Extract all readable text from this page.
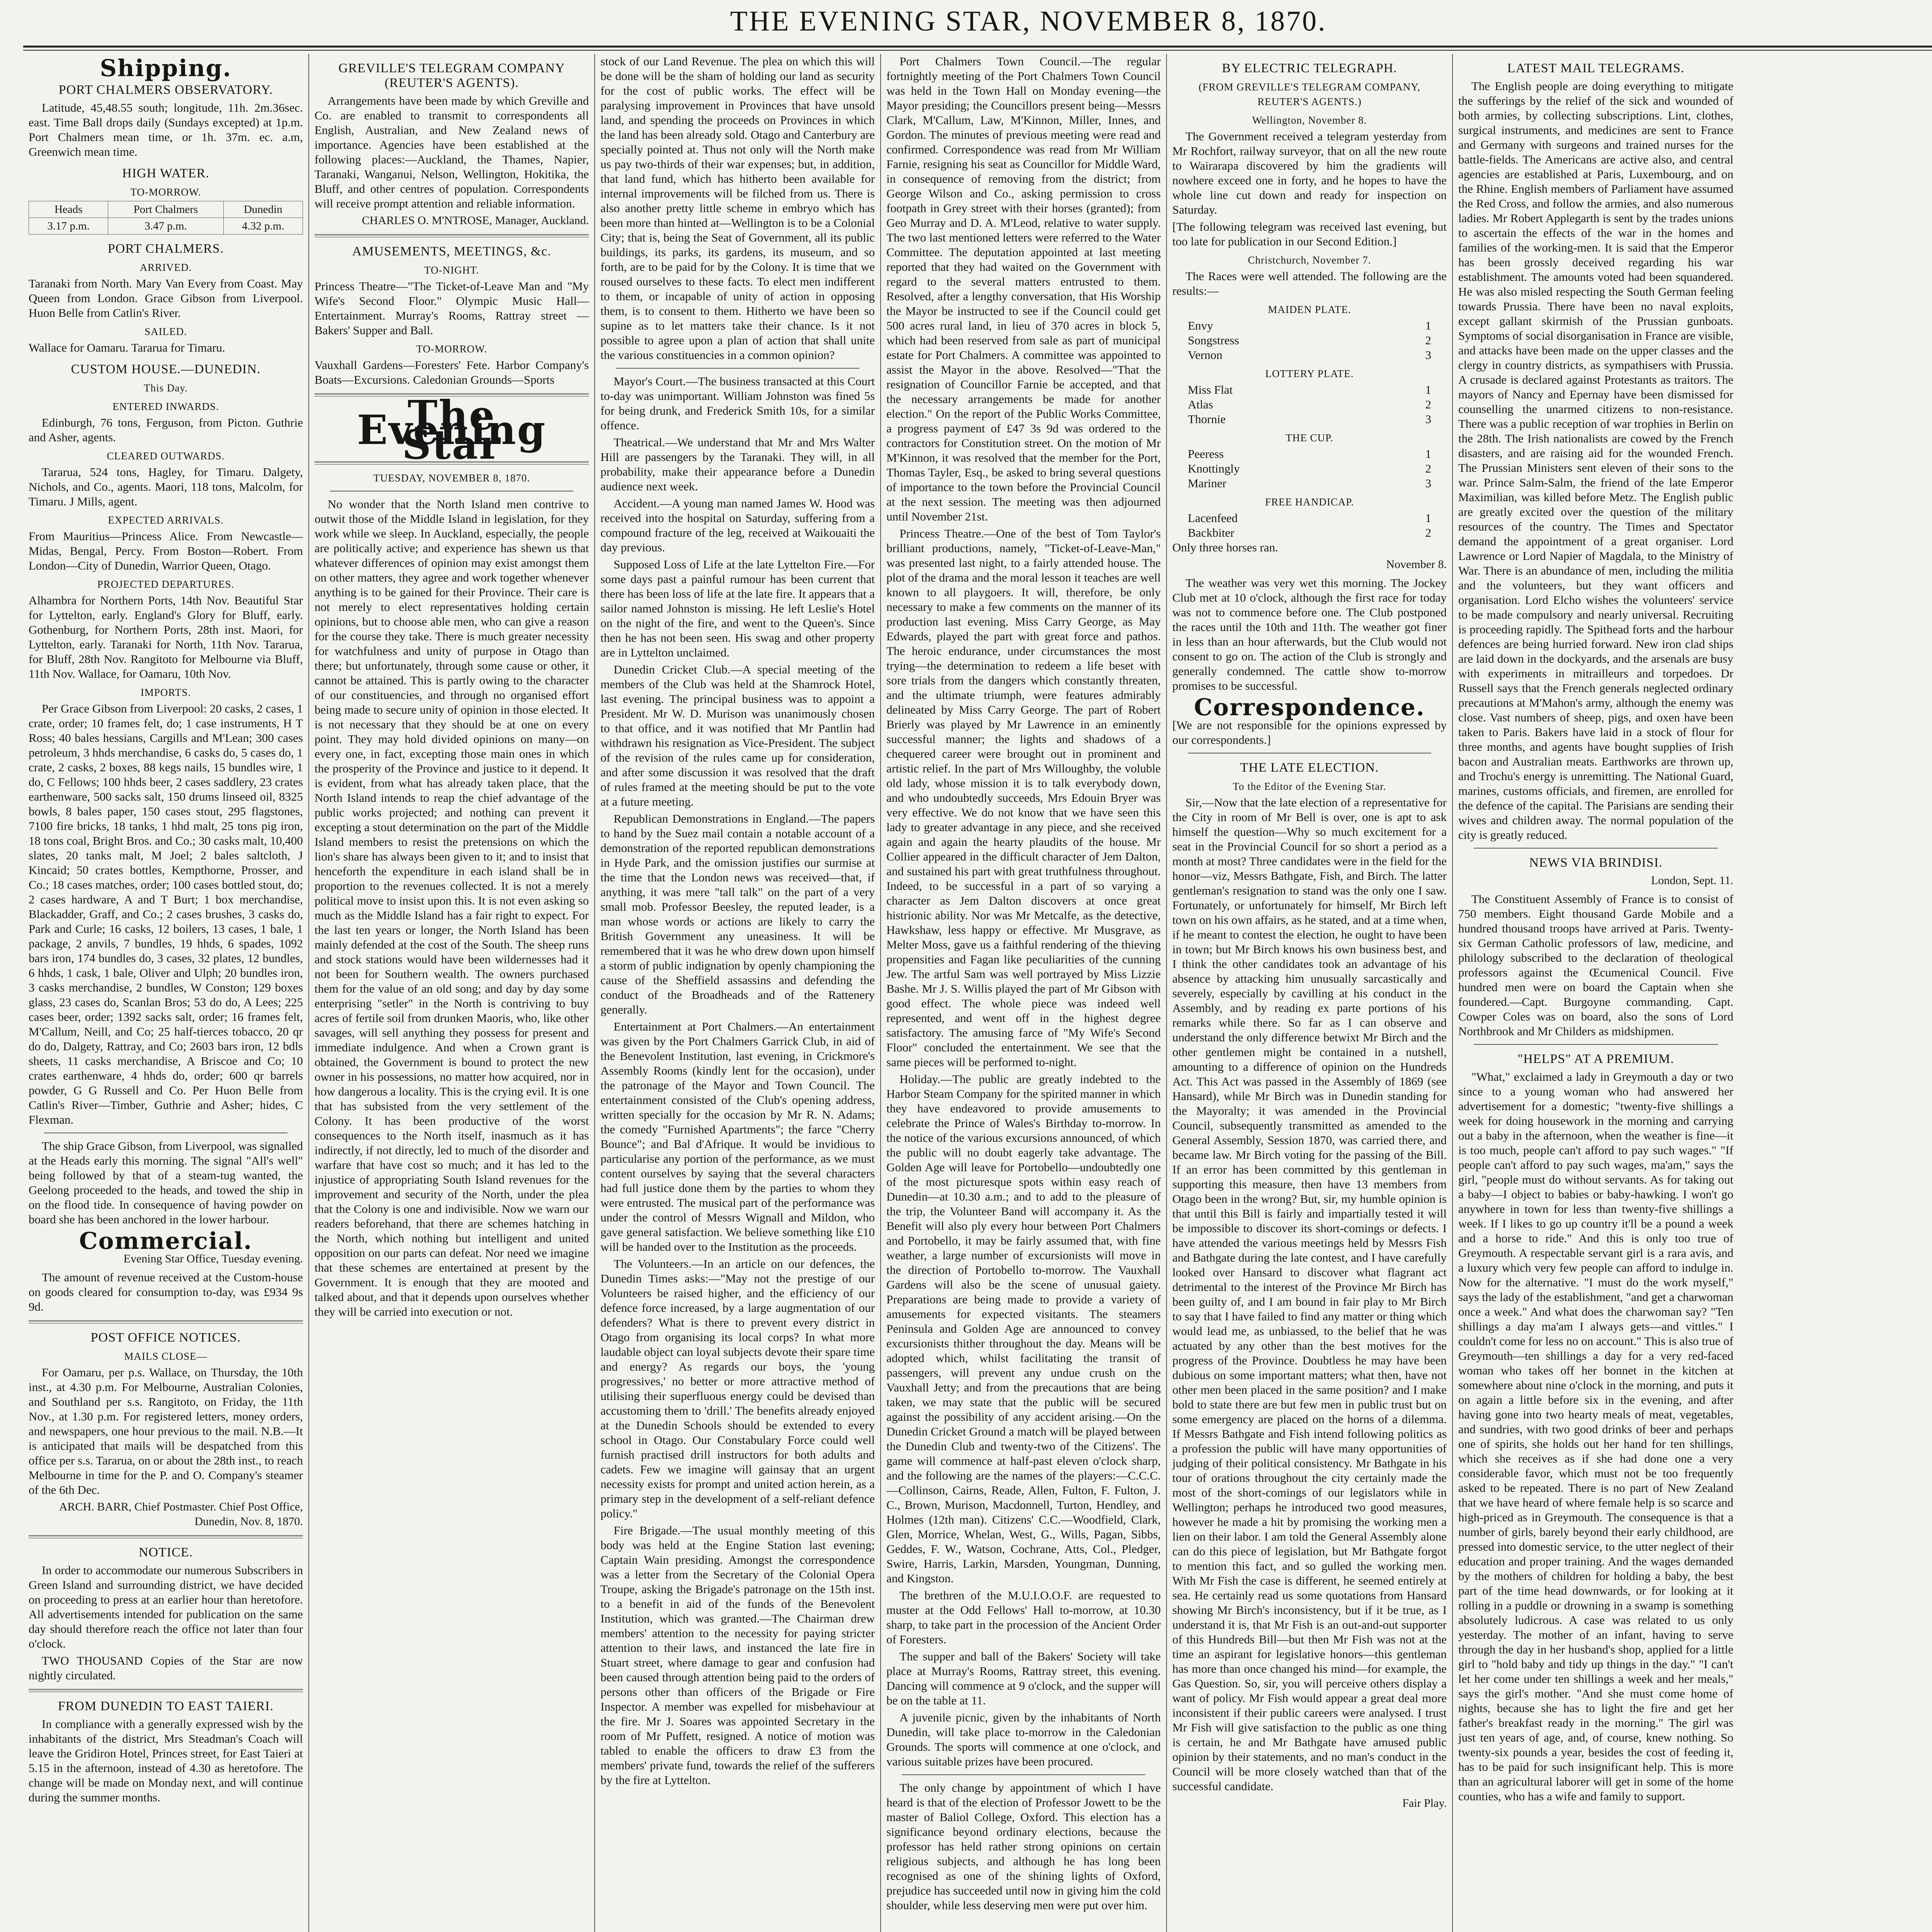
THE EVENING STAR, NOVEMBER 8, 1870.
Shipping.
PORT CHALMERS OBSERVATORY.
Latitude, 45,48.55 south; longitude, 11h. 2m.36sec. east. Time Ball drops daily (Sundays excepted) at 1p.m. Port Chalmers mean time, or 1h. 37m. ec. a.m, Greenwich mean time.
HIGH WATER.
TO-MORROW.
Heads	Port Chalmers	Dunedin
3.17 p.m.	3.47 p.m.	4.32 p.m.
PORT CHALMERS.
ARRIVED.
Taranaki from North. Mary Van Every from Coast. May Queen from London. Grace Gibson from Liverpool. Huon Belle from Catlin's River.
SAILED.
Wallace for Oamaru. Tararua for Timaru.
CUSTOM HOUSE.—DUNEDIN.
This Day.
ENTERED INWARDS.
Edinburgh, 76 tons, Ferguson, from Picton. Guthrie and Asher, agents.
CLEARED OUTWARDS.
Tararua, 524 tons, Hagley, for Timaru. Dalgety, Nichols, and Co., agents. Maori, 118 tons, Malcolm, for Timaru. J Mills, agent.
EXPECTED ARRIVALS.
From Mauritius—Princess Alice. From Newcastle—Midas, Bengal, Percy. From Boston—Robert. From London—City of Dunedin, Warrior Queen, Otago.
PROJECTED DEPARTURES.
Alhambra for Northern Ports, 14th Nov. Beautiful Star for Lyttelton, early. England's Glory for Bluff, early. Gothenburg, for Northern Ports, 28th inst. Maori, for Lyttelton, early. Taranaki for North, 11th Nov. Tararua, for Bluff, 28th Nov. Rangitoto for Melbourne via Bluff, 11th Nov. Wallace, for Oamaru, 10th Nov.
IMPORTS.
Per Grace Gibson from Liverpool: 20 casks, 2 cases, 1 crate, order; 10 frames felt, do; 1 case instruments, H T Ross; 40 bales hessians, Cargills and M'Lean; 300 cases petroleum, 3 hhds merchandise, 6 casks do, 5 cases do, 1 crate, 2 casks, 2 boxes, 88 kegs nails, 15 bundles wire, 1 do, C Fellows; 100 hhds beer, 2 cases saddlery, 23 crates earthenware, 500 sacks salt, 150 drums linseed oil, 8325 bowls, 8 bales paper, 150 cases stout, 295 flagstones, 7100 fire bricks, 18 tanks, 1 hhd malt, 25 tons pig iron, 18 tons coal, Bright Bros. and Co.; 30 casks malt, 10,400 slates, 20 tanks malt, M Joel; 2 bales saltcloth, J Kincaid; 50 crates bottles, Kempthorne, Prosser, and Co.; 18 cases matches, order; 100 cases bottled stout, do; 2 cases hardware, A and T Burt; 1 box merchandise, Blackadder, Graff, and Co.; 2 cases brushes, 3 casks do, Park and Curle; 16 casks, 12 boilers, 13 cases, 1 bale, 1 package, 2 anvils, 7 bundles, 19 hhds, 6 spades, 1092 bars iron, 174 bundles do, 3 cases, 32 plates, 12 bundles, 6 hhds, 1 cask, 1 bale, Oliver and Ulph; 20 bundles iron, 3 casks merchandise, 2 bundles, W Conston; 129 boxes glass, 23 cases do, Scanlan Bros; 53 do do, A Lees; 225 cases beer, order; 1392 sacks salt, order; 16 frames felt, M'Callum, Neill, and Co; 25 half-tierces tobacco, 20 qr do do, Dalgety, Rattray, and Co; 2603 bars iron, 12 bdls sheets, 11 casks merchandise, A Briscoe and Co; 10 crates earthenware, 4 hhds do, order; 600 qr barrels powder, G G Russell and Co. Per Huon Belle from Catlin's River—Timber, Guthrie and Asher; hides, C Flexman.
The ship Grace Gibson, from Liverpool, was signalled at the Heads early this morning. The signal "All's well" being followed by that of a steam-tug wanted, the Geelong proceeded to the heads, and towed the ship in on the flood tide. In consequence of having powder on board she has been anchored in the lower harbour.
Commercial.
Evening Star Office, Tuesday evening.
The amount of revenue received at the Custom-house on goods cleared for consumption to-day, was £934 9s 9d.
POST OFFICE NOTICES.
MAILS CLOSE—
For Oamaru, per p.s. Wallace, on Thursday, the 10th inst., at 4.30 p.m. For Melbourne, Australian Colonies, and Southland per s.s. Rangitoto, on Friday, the 11th Nov., at 1.30 p.m. For registered letters, money orders, and newspapers, one hour previous to the mail. N.B.—It is anticipated that mails will be despatched from this office per s.s. Tararua, on or about the 28th inst., to reach Melbourne in time for the P. and O. Company's steamer of the 6th Dec.
ARCH. BARR, Chief Postmaster. Chief Post Office, Dunedin, Nov. 8, 1870.
NOTICE.
In order to accommodate our numerous Subscribers in Green Island and surrounding district, we have decided on proceeding to press at an earlier hour than heretofore. All advertisements intended for publication on the same day should therefore reach the office not later than four o'clock.
TWO THOUSAND Copies of the Star are now nightly circulated.
FROM DUNEDIN TO EAST TAIERI.
In compliance with a generally expressed wish by the inhabitants of the district, Mrs Steadman's Coach will leave the Gridiron Hotel, Princes street, for East Taieri at 5.15 in the afternoon, instead of 4.30 as heretofore. The change will be made on Monday next, and will continue during the summer months.
GREVILLE'S TELEGRAM COMPANY (REUTER'S AGENTS).
Arrangements have been made by which Greville and Co. are enabled to transmit to correspondents all English, Australian, and New Zealand news of importance. Agencies have been established at the following places:—Auckland, the Thames, Napier, Taranaki, Wanganui, Nelson, Wellington, Hokitika, the Bluff, and other centres of population. Correspondents will receive prompt attention and reliable information.
CHARLES O. M'NTROSE, Manager, Auckland.
AMUSEMENTS, MEETINGS, &c.
TO-NIGHT.
Princess Theatre—"The Ticket-of-Leave Man and "My Wife's Second Floor." Olympic Music Hall—Entertainment. Murray's Rooms, Rattray street — Bakers' Supper and Ball.
TO-MORROW.
Vauxhall Gardens—Foresters' Fete. Harbor Company's Boats—Excursions. Caledonian Grounds—Sports
The Evening Star
TUESDAY, NOVEMBER 8, 1870.
No wonder that the North Island men contrive to outwit those of the Middle Island in legislation, for they work while we sleep. In Auckland, especially, the people are politically active; and experience has shewn us that whatever differences of opinion may exist amongst them on other matters, they agree and work together whenever anything is to be gained for their Province. Their care is not merely to elect representatives holding certain opinions, but to choose able men, who can give a reason for the course they take. There is much greater necessity for watchfulness and unity of purpose in Otago than there; but unfortunately, through some cause or other, it cannot be attained. This is partly owing to the character of our constituencies, and through no organised effort being made to secure unity of opinion in those elected. It is not necessary that they should be at one on every point. They may hold divided opinions on many—on every one, in fact, excepting those main ones in which the prosperity of the Province and justice to it depend. It is evident, from what has already taken place, that the North Island intends to reap the chief advantage of the public works projected; and nothing can prevent it excepting a stout determination on the part of the Middle Island members to resist the pretensions on which the lion's share has always been given to it; and to insist that henceforth the expenditure in each island shall be in proportion to the revenues collected. It is not a merely political move to insist upon this. It is not even asking so much as the Middle Island has a fair right to expect. For the last ten years or longer, the North Island has been mainly defended at the cost of the South. The sheep runs and stock stations would have been wildernesses had it not been for Southern wealth. The owners purchased them for the value of an old song; and day by day some enterprising "setler" in the North is contriving to buy acres of fertile soil from drunken Maoris, who, like other savages, will sell anything they possess for present and immediate indulgence. And when a Crown grant is obtained, the Government is bound to protect the new owner in his possessions, no matter how acquired, nor in how dangerous a locality. This is the crying evil. It is one that has subsisted from the very settlement of the Colony. It has been productive of the worst consequences to the North itself, inasmuch as it has indirectly, if not directly, led to much of the disorder and warfare that have cost so much; and it has led to the injustice of appropriating South Island revenues for the improvement and security of the North, under the plea that the Colony is one and indivisible. Now we warn our readers beforehand, that there are schemes hatching in the North, which nothing but intelligent and united opposition on our parts can defeat. Nor need we imagine that these schemes are entertained at present by the Government. It is enough that they are mooted and talked about, and that it depends upon ourselves whether they will be carried into execution or not.
stock of our Land Revenue. The plea on which this will be done will be the sham of holding our land as security for the cost of public works. The effect will be paralysing improvement in Provinces that have unsold land, and spending the proceeds on Provinces in which the land has been already sold. Otago and Canterbury are specially pointed at. Thus not only will the North make us pay two-thirds of their war expenses; but, in addition, that land fund, which has hitherto been available for internal improvements will be filched from us. There is also another pretty little scheme in embryo which has been more than hinted at—Wellington is to be a Colonial City; that is, being the Seat of Government, all its public buildings, its parks, its gardens, its museum, and so forth, are to be paid for by the Colony. It is time that we roused ourselves to these facts. To elect men indifferent to them, or incapable of unity of action in opposing them, is to consent to them. Hitherto we have been so supine as to let matters take their chance. Is it not possible to agree upon a plan of action that shall unite the various constituencies in a common opinion?
Mayor's Court.—The business transacted at this Court to-day was unimportant. William Johnston was fined 5s for being drunk, and Frederick Smith 10s, for a similar offence.
Theatrical.—We understand that Mr and Mrs Walter Hill are passengers by the Taranaki. They will, in all probability, make their appearance before a Dunedin audience next week.
Accident.—A young man named James W. Hood was received into the hospital on Saturday, suffering from a compound fracture of the leg, received at Waikouaiti the day previous.
Supposed Loss of Life at the late Lyttelton Fire.—For some days past a painful rumour has been current that there has been loss of life at the late fire. It appears that a sailor named Johnston is missing. He left Leslie's Hotel on the night of the fire, and went to the Queen's. Since then he has not been seen. His swag and other property are in Lyttelton unclaimed.
Dunedin Cricket Club.—A special meeting of the members of the Club was held at the Shamrock Hotel, last evening. The principal business was to appoint a President. Mr W. D. Murison was unanimously chosen to that office, and it was notified that Mr Pantlin had withdrawn his resignation as Vice-President. The subject of the revision of the rules came up for consideration, and after some discussion it was resolved that the draft of rules framed at the meeting should be put to the vote at a future meeting.
Republican Demonstrations in England.—The papers to hand by the Suez mail contain a notable account of a demonstration of the reported republican demonstrations in Hyde Park, and the omission justifies our surmise at the time that the London news was received—that, if anything, it was mere "tall talk" on the part of a very small mob. Professor Beesley, the reputed leader, is a man whose words or actions are likely to carry the British Government any uneasiness. It will be remembered that it was he who drew down upon himself a storm of public indignation by openly championing the cause of the Sheffield assassins and defending the conduct of the Broadheads and of the Rattenery generally.
Entertainment at Port Chalmers.—An entertainment was given by the Port Chalmers Garrick Club, in aid of the Benevolent Institution, last evening, in Crickmore's Assembly Rooms (kindly lent for the occasion), under the patronage of the Mayor and Town Council. The entertainment consisted of the Club's opening address, written specially for the occasion by Mr R. N. Adams; the comedy "Furnished Apartments"; the farce "Cherry Bounce"; and Bal d'Afrique. It would be invidious to particularise any portion of the performance, as we must content ourselves by saying that the several characters had full justice done them by the parties to whom they were entrusted. The musical part of the performance was under the control of Messrs Wignall and Mildon, who gave general satisfaction. We believe something like £10 will be handed over to the Institution as the proceeds.
The Volunteers.—In an article on our defences, the Dunedin Times asks:—"May not the prestige of our Volunteers be raised higher, and the efficiency of our defence force increased, by a large augmentation of our defenders? What is there to prevent every district in Otago from organising its local corps? In what more laudable object can loyal subjects devote their spare time and energy? As regards our boys, the 'young progressives,' no better or more attractive method of utilising their superfluous energy could be devised than accustoming them to 'drill.' The benefits already enjoyed at the Dunedin Schools should be extended to every school in Otago. Our Constabulary Force could well furnish practised drill instructors for both adults and cadets. Few we imagine will gainsay that an urgent necessity exists for prompt and united action herein, as a primary step in the development of a self-reliant defence policy."
Fire Brigade.—The usual monthly meeting of this body was held at the Engine Station last evening; Captain Wain presiding. Amongst the correspondence was a letter from the Secretary of the Colonial Opera Troupe, asking the Brigade's patronage on the 15th inst. to a benefit in aid of the funds of the Benevolent Institution, which was granted.—The Chairman drew members' attention to the necessity for paying stricter attention to their laws, and instanced the late fire in Stuart street, where damage to gear and confusion had been caused through attention being paid to the orders of persons other than officers of the Brigade or Fire Inspector. A member was expelled for misbehaviour at the fire. Mr J. Soares was appointed Secretary in the room of Mr Puffett, resigned. A notice of motion was tabled to enable the officers to draw £3 from the members' private fund, towards the relief of the sufferers by the fire at Lyttelton.
Port Chalmers Town Council.—The regular fortnightly meeting of the Port Chalmers Town Council was held in the Town Hall on Monday evening—the Mayor presiding; the Councillors present being—Messrs Clark, M'Callum, Law, M'Kinnon, Miller, Innes, and Gordon. The minutes of previous meeting were read and confirmed. Correspondence was read from Mr William Farnie, resigning his seat as Councillor for Middle Ward, in consequence of removing from the district; from George Wilson and Co., asking permission to cross footpath in Grey street with their horses (granted); from Geo Murray and D. A. M'Leod, relative to water supply. The two last mentioned letters were referred to the Water Committee. The deputation appointed at last meeting reported that they had waited on the Government with regard to the several matters entrusted to them. Resolved, after a lengthy conversation, that His Worship the Mayor be instructed to see if the Council could get 500 acres rural land, in lieu of 370 acres in block 5, which had been reserved from sale as part of municipal estate for Port Chalmers. A committee was appointed to assist the Mayor in the above. Resolved—"That the resignation of Councillor Farnie be accepted, and that the necessary arrangements be made for another election." On the report of the Public Works Committee, a progress payment of £47 3s 9d was ordered to the contractors for Constitution street. On the motion of Mr M'Kinnon, it was resolved that the member for the Port, Thomas Tayler, Esq., be asked to bring several questions of importance to the town before the Provincial Council at the next session. The meeting was then adjourned until November 21st.
Princess Theatre.—One of the best of Tom Taylor's brilliant productions, namely, "Ticket-of-Leave-Man," was presented last night, to a fairly attended house. The plot of the drama and the moral lesson it teaches are well known to all playgoers. It will, therefore, be only necessary to make a few comments on the manner of its production last evening. Miss Carry George, as May Edwards, played the part with great force and pathos. The heroic endurance, under circumstances the most trying—the determination to redeem a life beset with sore trials from the dangers which constantly threaten, and the ultimate triumph, were features admirably delineated by Miss Carry George. The part of Robert Brierly was played by Mr Lawrence in an eminently successful manner; the lights and shadows of a chequered career were brought out in prominent and artistic relief. In the part of Mrs Willoughby, the voluble old lady, whose mission it is to talk everybody down, and who undoubtedly succeeds, Mrs Edouin Bryer was very effective. We do not know that we have seen this lady to greater advantage in any piece, and she received again and again the hearty plaudits of the house. Mr Collier appeared in the difficult character of Jem Dalton, and sustained his part with great truthfulness throughout. Indeed, to be successful in a part of so varying a character as Jem Dalton discovers at once great histrionic ability. Nor was Mr Metcalfe, as the detective, Hawkshaw, less happy or effective. Mr Musgrave, as Melter Moss, gave us a faithful rendering of the thieving propensities and Fagan like peculiarities of the cunning Jew. The artful Sam was well portrayed by Miss Lizzie Bashe. Mr J. S. Willis played the part of Mr Gibson with good effect. The whole piece was indeed well represented, and went off in the highest degree satisfactory. The amusing farce of "My Wife's Second Floor" concluded the entertainment. We see that the same pieces will be performed to-night.
Holiday.—The public are greatly indebted to the Harbor Steam Company for the spirited manner in which they have endeavored to provide amusements to celebrate the Prince of Wales's Birthday to-morrow. In the notice of the various excursions announced, of which the public will no doubt eagerly take advantage. The Golden Age will leave for Portobello—undoubtedly one of the most picturesque spots within easy reach of Dunedin—at 10.30 a.m.; and to add to the pleasure of the trip, the Volunteer Band will accompany it. As the Benefit will also ply every hour between Port Chalmers and Portobello, it may be fairly assumed that, with fine weather, a large number of excursionists will move in the direction of Portobello to-morrow. The Vauxhall Gardens will also be the scene of unusual gaiety. Preparations are being made to provide a variety of amusements for expected visitants. The steamers Peninsula and Golden Age are announced to convey excursionists thither throughout the day. Means will be adopted which, whilst facilitating the transit of passengers, will prevent any undue crush on the Vauxhall Jetty; and from the precautions that are being taken, we may state that the public will be secured against the possibility of any accident arising.—On the Dunedin Cricket Ground a match will be played between the Dunedin Club and twenty-two of the Citizens'. The game will commence at half-past eleven o'clock sharp, and the following are the names of the players:—C.C.C.—Collinson, Cairns, Reade, Allen, Fulton, F. Fulton, J. C., Brown, Murison, Macdonnell, Turton, Hendley, and Holmes (12th man). Citizens' C.C.—Woodfield, Clark, Glen, Morrice, Whelan, West, G., Wills, Pagan, Sibbs, Geddes, F. W., Watson, Cochrane, Atts, Col., Pledger, Swire, Harris, Larkin, Marsden, Youngman, Dunning, and Kingston.
The brethren of the M.U.I.O.O.F. are requested to muster at the Odd Fellows' Hall to-morrow, at 10.30 sharp, to take part in the procession of the Ancient Order of Foresters.
The supper and ball of the Bakers' Society will take place at Murray's Rooms, Rattray street, this evening. Dancing will commence at 9 o'clock, and the supper will be on the table at 11.
A juvenile picnic, given by the inhabitants of North Dunedin, will take place to-morrow in the Caledonian Grounds. The sports will commence at one o'clock, and various suitable prizes have been procured.
The only change by appointment of which I have heard is that of the election of Professor Jowett to be the master of Baliol College, Oxford. This election has a significance beyond ordinary elections, because the professor has held rather strong opinions on certain religious subjects, and although he has long been recognised as one of the shining lights of Oxford, prejudice has succeeded until now in giving him the cold shoulder, while less deserving men were put over him.
BY ELECTRIC TELEGRAPH.
(FROM GREVILLE'S TELEGRAM COMPANY, REUTER'S AGENTS.)
Wellington, November 8.
The Government received a telegram yesterday from Mr Rochfort, railway surveyor, that on all the new route to Wairarapa discovered by him the gradients will nowhere exceed one in forty, and he hopes to have the whole line cut down and ready for inspection on Saturday.
[The following telegram was received last evening, but too late for publication in our Second Edition.]
Christchurch, November 7.
The Races were well attended. The following are the results:—
MAIDEN PLATE.
Envy	1
Songstress	2
Vernon	3
LOTTERY PLATE.
Miss Flat	1
Atlas	2
Thornie	3
THE CUP.
Peeress	1
Knottingly	2
Mariner	3
FREE HANDICAP.
Lacenfeed	1
Backbiter	2
Only three horses ran.
November 8.
The weather was very wet this morning. The Jockey Club met at 10 o'clock, although the first race for today was not to commence before one. The Club postponed the races until the 10th and 11th. The weather got finer in less than an hour afterwards, but the Club would not consent to go on. The action of the Club is strongly and generally condemned. The cattle show to-morrow promises to be successful.
Correspondence.
[We are not responsible for the opinions expressed by our correspondents.]
THE LATE ELECTION.
To the Editor of the Evening Star.
Sir,—Now that the late election of a representative for the City in room of Mr Bell is over, one is apt to ask himself the question—Why so much excitement for a seat in the Provincial Council for so short a period as a month at most? Three candidates were in the field for the honor—viz, Messrs Bathgate, Fish, and Birch. The latter gentleman's resignation to stand was the only one I saw. Fortunately, or unfortunately for himself, Mr Birch left town on his own affairs, as he stated, and at a time when, if he meant to contest the election, he ought to have been in town; but Mr Birch knows his own business best, and I think the other candidates took an advantage of his absence by attacking him unusually sarcastically and severely, especially by cavilling at his conduct in the Assembly, and by reading ex parte portions of his remarks while there. So far as I can observe and understand the only difference betwixt Mr Birch and the other gentlemen might be contained in a nutshell, amounting to a difference of opinion on the Hundreds Act. This Act was passed in the Assembly of 1869 (see Hansard), while Mr Birch was in Dunedin standing for the Mayoralty; it was amended in the Provincial Council, subsequently transmitted as amended to the General Assembly, Session 1870, was carried there, and became law. Mr Birch voting for the passing of the Bill. If an error has been committed by this gentleman in supporting this measure, then have 13 members from Otago been in the wrong? But, sir, my humble opinion is that until this Bill is fairly and impartially tested it will be impossible to discover its short-comings or defects. I have attended the various meetings held by Messrs Fish and Bathgate during the late contest, and I have carefully looked over Hansard to discover what flagrant act detrimental to the interest of the Province Mr Birch has been guilty of, and I am bound in fair play to Mr Birch to say that I have failed to find any matter or thing which would lead me, as unbiassed, to the belief that he was actuated by any other than the best motives for the progress of the Province. Doubtless he may have been dubious on some important matters; what then, have not other men been placed in the same position? and I make bold to state there are but few men in public trust but on some emergency are placed on the horns of a dilemma. If Messrs Bathgate and Fish intend following politics as a profession the public will have many opportunities of judging of their political consistency. Mr Bathgate in his tour of orations throughout the city certainly made the most of the short-comings of our legislators while in Wellington; perhaps he introduced two good measures, however he made a hit by promising the working men a lien on their labor. I am told the General Assembly alone can do this piece of legislation, but Mr Bathgate forgot to mention this fact, and so gulled the working men. With Mr Fish the case is different, he seemed entirely at sea. He certainly read us some quotations from Hansard showing Mr Birch's inconsistency, but if it be true, as I understand it is, that Mr Fish is an out-and-out supporter of this Hundreds Bill—but then Mr Fish was not at the time an aspirant for legislative honors—this gentleman has more than once changed his mind—for example, the Gas Question. So, sir, you will perceive others display a want of policy. Mr Fish would appear a great deal more inconsistent if their public careers were analysed. I trust Mr Fish will give satisfaction to the public as one thing is certain, he and Mr Bathgate have amused public opinion by their statements, and no man's conduct in the Council will be more closely watched than that of the successful candidate.
Fair Play.
LATEST MAIL TELEGRAMS.
The English people are doing everything to mitigate the sufferings by the relief of the sick and wounded of both armies, by collecting subscriptions. Lint, clothes, surgical instruments, and medicines are sent to France and Germany with surgeons and trained nurses for the battle-fields. The Americans are active also, and central agencies are established at Paris, Luxembourg, and on the Rhine. English members of Parliament have assumed the Red Cross, and follow the armies, and also numerous ladies. Mr Robert Applegarth is sent by the trades unions to ascertain the effects of the war in the homes and families of the working-men. It is said that the Emperor has been grossly deceived regarding his war establishment. The amounts voted had been squandered. He was also misled respecting the South German feeling towards Prussia. There have been no naval exploits, except gallant skirmish of the Prussian gunboats. Symptoms of social disorganisation in France are visible, and attacks have been made on the upper classes and the clergy in country districts, as sympathisers with Prussia. A crusade is declared against Protestants as traitors. The mayors of Nancy and Epernay have been dismissed for counselling the unarmed citizens to non-resistance. There was a public reception of war trophies in Berlin on the 28th. The Irish nationalists are cowed by the French disasters, and are raising aid for the wounded French. The Prussian Ministers sent eleven of their sons to the war. Prince Salm-Salm, the friend of the late Emperor Maximilian, was killed before Metz. The English public are greatly excited over the question of the military resources of the country. The Times and Spectator demand the appointment of a great organiser. Lord Lawrence or Lord Napier of Magdala, to the Ministry of War. There is an abundance of men, including the militia and the volunteers, but they want officers and organisation. Lord Elcho wishes the volunteers' service to be made compulsory and nearly universal. Recruiting is proceeding rapidly. The Spithead forts and the harbour defences are being hurried forward. New iron clad ships are laid down in the dockyards, and the arsenals are busy with experiments in mitrailleurs and torpedoes. Dr Russell says that the French generals neglected ordinary precautions at M'Mahon's army, although the enemy was close. Vast numbers of sheep, pigs, and oxen have been taken to Paris. Bakers have laid in a stock of flour for three months, and agents have bought supplies of Irish bacon and Australian meats. Earthworks are thrown up, and Trochu's energy is unremitting. The National Guard, marines, customs officials, and firemen, are enrolled for the defence of the capital. The Parisians are sending their wives and children away. The normal population of the city is greatly reduced.
NEWS VIA BRINDISI.
London, Sept. 11.
The Constituent Assembly of France is to consist of 750 members. Eight thousand Garde Mobile and a hundred thousand troops have arrived at Paris. Twenty-six German Catholic professors of law, medicine, and philology subscribed to the declaration of theological professors against the Œcumenical Council. Five hundred men were on board the Captain when she foundered.—Capt. Burgoyne commanding. Capt. Cowper Coles was on board, also the sons of Lord Northbrook and Mr Childers as midshipmen.
"HELPS" AT A PREMIUM.
"What," exclaimed a lady in Greymouth a day or two since to a young woman who had answered her advertisement for a domestic; "twenty-five shillings a week for doing housework in the morning and carrying out a baby in the afternoon, when the weather is fine—it is too much, people can't afford to pay such wages." "If people can't afford to pay such wages, ma'am," says the girl, "people must do without servants. As for taking out a baby—I object to babies or baby-hawking. I won't go anywhere in town for less than twenty-five shillings a week. If I likes to go up country it'll be a pound a week and a horse to ride." And this is only too true of Greymouth. A respectable servant girl is a rara avis, and a luxury which very few people can afford to indulge in. Now for the alternative. "I must do the work myself," says the lady of the establishment, "and get a charwoman once a week." And what does the charwoman say? "Ten shillings a day ma'am I always gets—and vittles." I couldn't come for less no on account." This is also true of Greymouth—ten shillings a day for a very red-faced woman who takes off her bonnet in the kitchen at somewhere about nine o'clock in the morning, and puts it on again a little before six in the evening, and after having gone into two hearty meals of meat, vegetables, and sundries, with two good drinks of beer and perhaps one of spirits, she holds out her hand for ten shillings, which she receives as if she had done one a very considerable favor, which must not be too frequently asked to be repeated. There is no part of New Zealand that we have heard of where female help is so scarce and high-priced as in Greymouth. The consequence is that a number of girls, barely beyond their early childhood, are pressed into domestic service, to the utter neglect of their education and proper training. And the wages demanded by the mothers of children for holding a baby, the best part of the time head downwards, or for looking at it rolling in a puddle or drowning in a swamp is something absolutely ludicrous. A case was related to us only yesterday. The mother of an infant, having to serve through the day in her husband's shop, applied for a little girl to "hold baby and tidy up things in the day." "I can't let her come under ten shillings a week and her meals," says the girl's mother. "And she must come home of nights, because she has to light the fire and get her father's breakfast ready in the morning." The girl was just ten years of age, and, of course, knew nothing. So twenty-six pounds a year, besides the cost of feeding it, has to be paid for such insignificant help. This is more than an agricultural laborer will get in some of the home counties, who has a wife and family to support.
